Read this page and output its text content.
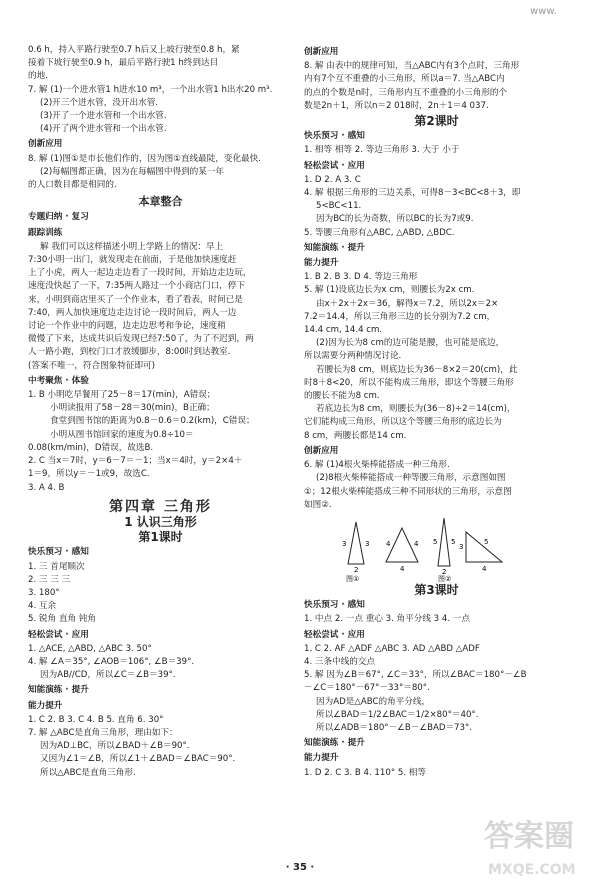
www.

0.6 h，持入平路行驶至0.7 h后又上坡行驶至0.8 h，紧

接着下坡行驶至0.9 h，最后平路行驶1 h终到达目

的地.

7. 解 (1)一个进水管1 h进水10 m³，一个出水管1 h出水20 m³.

(2)开三个进水管，没开出水管.

(3)开了一个进水管和一个出水管.

(4)开了两个进水管和一个出水管.

创新应用

8. 解 (1)图①是市长他们作的，因为图①直线最陡，变化最快.

(2)每幅图都正确，因为在每幅图中得到的某一年

的人口数目都是相同的.

本章整合
专题归纳 · 复习
跟踪训练

解 我们可以这样描述小明上学路上的情况：早上

7:30小明一出门，就发现走在前面，于是他加快速度赶

上了小虎，两人一起边走边看了一段时间，开始边走边玩，

速度没快起了一下，7:35两人路过一个小商店门口，停下

来，小明到商店里买了一个作业本，看了看表，时间已是

7:40，两人加快速度边走边讨论一段时间后，两人一边

讨论一个作业中的问题，边走边思考和争论，速度稍

微慢了下来，达成共识后发现已经7:50了，为了不迟到，两

人一路小跑，到校门口才放缓脚步，8:00时到达教室.

(答案不唯一，符合图象特征即可)

中考聚焦 · 体验

1. B 小明吃早餐用了25－8＝17(min)，A错误；

小明读报用了58－28＝30(min)，B正确；

食堂到图书馆的距离为0.8－0.6＝0.2(km)，C错误；

小明从图书馆回家的速度为0.8÷10＝

0.08(km/min)，D错误，故选B.

2. C 当x＝7时，y＝6－7＝－1；当x＝4时，y＝2×4＋

1＝9，所以y＝－1或9，故选C.

3. A 4. B

第四章 三角形
1 认识三角形
第1课时
快乐预习 · 感知

1. 三 首尾顺次

2. 三 三 三

3. 180°

4. 互余

5. 锐角 直角 钝角

轻松尝试 · 应用

1. △ACE, △ABD, △ABC 3. 50°

4. 解 ∠A＝35°, ∠AOB＝106°, ∠B＝39°.

因为AB//CD，所以∠C＝∠B＝39°.

知能演练 · 提升
能力提升

1. C 2. B 3. C 4. B 5. 直角 6. 30°

7. 解 △ABC是直角三角形，理由如下：

因为AD⊥BC，所以∠BAD＋∠B＝90°.

又因为∠1＝∠B，所以∠1＋∠BAD＝∠BAC＝90°.

所以△ABC是直角三角形.

创新应用

8. 解 由表中的规律可知，当△ABC内有3个点时，三角形

内有7个互不重叠的小三角形，所以a＝7. 当△ABC内

的点的个数是n时，三角形内互不重叠的小三角形的个

数是2n＋1，所以n＝2 018时，2n＋1＝4 037.

第2课时
快乐预习 · 感知

1. 相等 相等 2. 等边三角形 3. 大于 小于

轻松尝试 · 应用

1. D 2. A 3. C

4. 解 根据三角形的三边关系，可得8－3<BC<8＋3，即

5<BC<11.

因为BC的长为奇数，所以BC的长为7或9.

5. 等腰三角形有△ABC, △ABD, △BDC.

知能演练 · 提升
能力提升

1. B 2. B 3. D 4. 等边三角形

5. 解 (1)设底边长为x cm，则腰长为2x cm.

由x＋2x＋2x＝36，解得x＝7.2，所以2x＝2×

7.2＝14.4，所以三角形三边的长分别为7.2 cm，

14.4 cm, 14.4 cm.

(2)因为长为8 cm的边可能是腰，也可能是底边，

所以需要分两种情况讨论.

若腰长为8 cm，则底边长为36－8×2＝20(cm)，此

时8＋8<20，所以不能构成三角形，即这个等腰三角形

的腰长不能为8 cm.

若底边长为8 cm，则腰长为(36－8)÷2＝14(cm)，

它们能构成三角形，所以这个等腰三角形的底边长为

8 cm，两腰长都是14 cm.

创新应用

6. 解 (1)4根火柴棒能搭成一种三角形.

(2)8根火柴棒能搭成一种等腰三角形，示意图如图

①；12根火柴棒能搭成三种不同形状的三角形，示意图

如图②.

3	3
2
图①
4	4
4
5 5
2
5
3
4
图②
第3课时
快乐预习 · 感知

1. 中点 2. 一点 重心 3. 角平分线 3 4. 一点

轻松尝试 · 应用

1. C 2. AF △ADF △ABC 3. AD △ABD △ADF

4. 三条中线的交点

5. 解 因为∠B＝67°, ∠C＝33°，所以∠BAC＝180°－∠B

－∠C＝180°－67°－33°＝80°.

因为AD是△ABC的角平分线，

所以∠BAD＝1/2∠BAC＝1/2×80°＝40°.

所以∠ADB＝180°－∠B－∠BAD＝73°.

知能演练 · 提升
能力提升

1. D 2. C 3. B 4. 110° 5. 相等

· 35 ·
答案圈
MXQE.COM
